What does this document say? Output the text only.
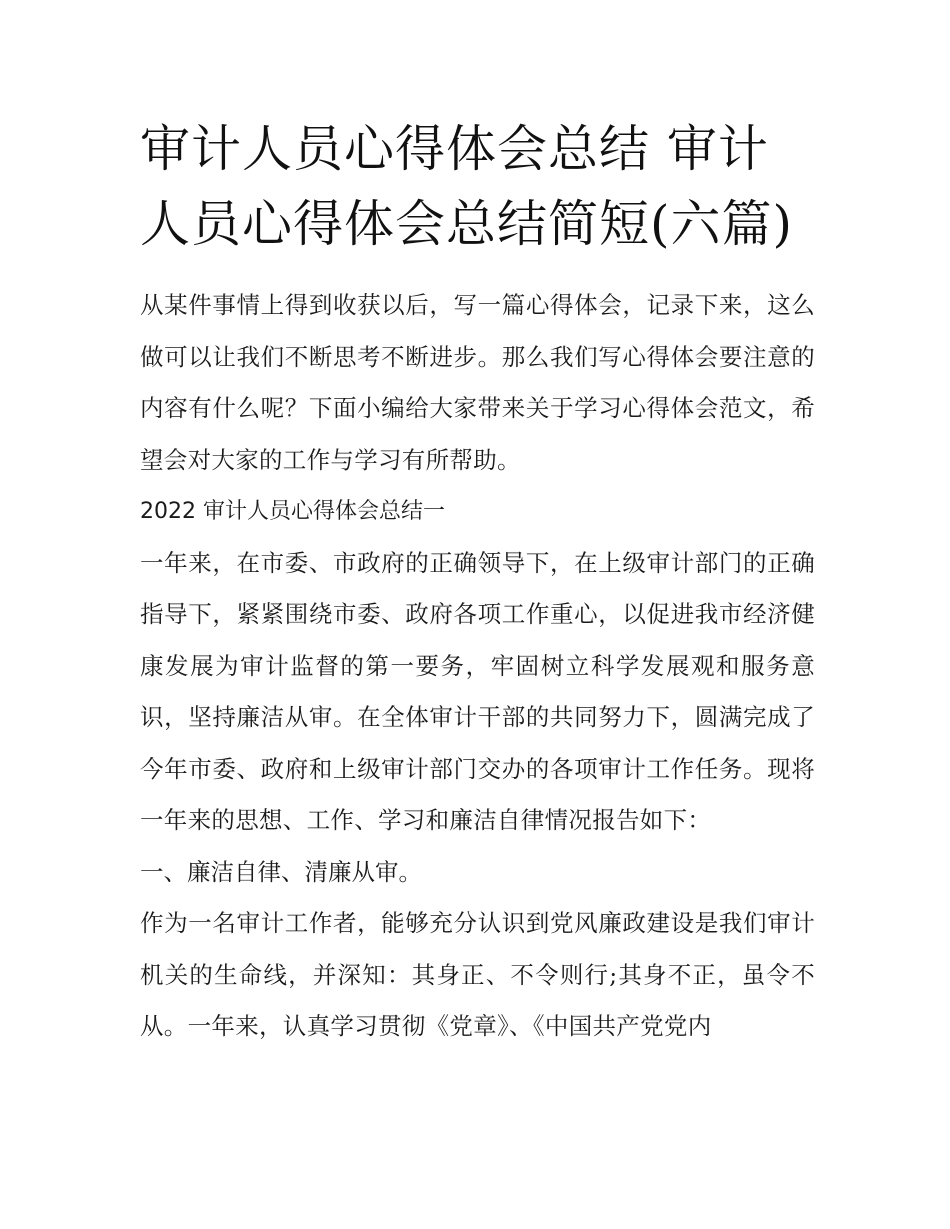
审计人员心得体会总结 审计人员心得体会总结简短(六篇)

从某件事情上得到收获以后，写一篇心得体会，记录下来，这么做可以让我们不断思考不断进步。那么我们写心得体会要注意的内容有什么呢？下面小编给大家带来关于学习心得体会范文，希望会对大家的工作与学习有所帮助。

2022 审计人员心得体会总结一

一年来，在市委、市政府的正确领导下，在上级审计部门的正确指导下，紧紧围绕市委、政府各项工作重心，以促进我市经济健康发展为审计监督的第一要务，牢固树立科学发展观和服务意识，坚持廉洁从审。在全体审计干部的共同努力下，圆满完成了今年市委、政府和上级审计部门交办的各项审计工作任务。现将一年来的思想、工作、学习和廉洁自律情况报告如下：

一、廉洁自律、清廉从审。

作为一名审计工作者，能够充分认识到党风廉政建设是我们审计机关的生命线，并深知：其身正、不令则行;其身不正，虽令不从。一年来，认真学习贯彻《党章》、《中国共产党党内
